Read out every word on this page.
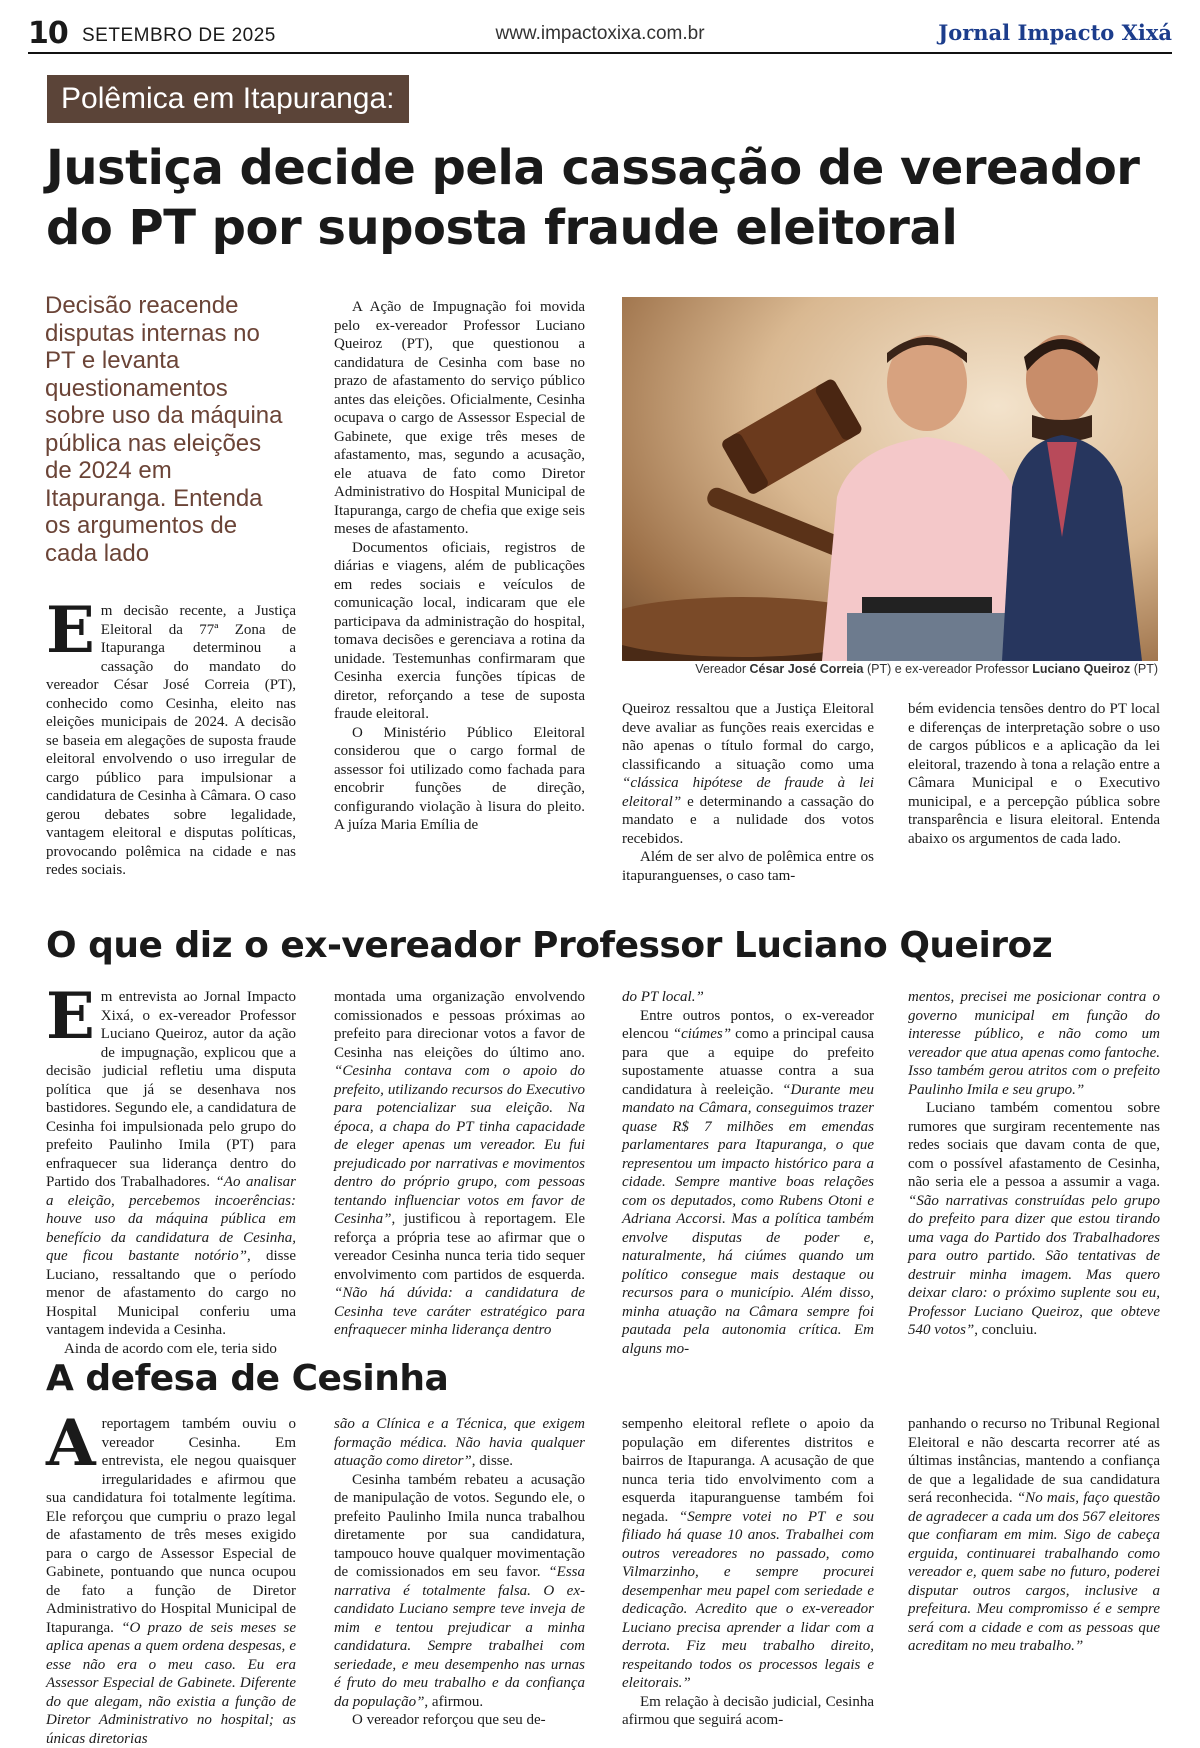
10 SETEMBRO DE 2025	www.impactoxixa.com.br	Jornal Impacto Xixá
Polêmica em Itapuranga:
Justiça decide pela cassação de vereador
do PT por suposta fraude eleitoral
Decisão reacende disputas internas no PT e levanta questionamentos sobre uso da máquina pública nas eleições de 2024 em Itapuranga. Entenda os argumentos de cada lado

Em decisão recente, a Justiça Eleitoral da 77ª Zona de Itapuranga determinou a cassação do mandato do vereador César José Correia (PT), conhecido como Cesinha, eleito nas eleições municipais de 2024. A decisão se baseia em alegações de suposta fraude eleitoral envolvendo o uso irregular de cargo público para impulsionar a candidatura de Cesinha à Câmara. O caso gerou debates sobre legalidade, vantagem eleitoral e disputas políticas, provocando polêmica na cidade e nas redes sociais.

A Ação de Impugnação foi movida pelo ex-vereador Professor Luciano Queiroz (PT), que questionou a candidatura de Cesinha com base no prazo de afastamento do serviço público antes das eleições. Oficialmente, Cesinha ocupava o cargo de Assessor Especial de Gabinete, que exige três meses de afastamento, mas, segundo a acusação, ele atuava de fato como Diretor Administrativo do Hospital Municipal de Itapuranga, cargo de chefia que exige seis meses de afastamento.

Documentos oficiais, registros de diárias e viagens, além de publicações em redes sociais e veículos de comunicação local, indicaram que ele participava da administração do hospital, tomava decisões e gerenciava a rotina da unidade. Testemunhas confirmaram que Cesinha exercia funções típicas de diretor, reforçando a tese de suposta fraude eleitoral.

O Ministério Público Eleitoral considerou que o cargo formal de assessor foi utilizado como fachada para encobrir funções de direção, configurando violação à lisura do pleito. A juíza Maria Emília de

Vereador César José Correia (PT) e ex-vereador Professor Luciano Queiroz (PT)

Queiroz ressaltou que a Justiça Eleitoral deve avaliar as funções reais exercidas e não apenas o título formal do cargo, classificando a situação como uma “clássica hipótese de fraude à lei eleitoral” e determinando a cassação do mandato e a nulidade dos votos recebidos.

Além de ser alvo de polêmica entre os itapuranguenses, o caso tam-

bém evidencia tensões dentro do PT local e diferenças de interpretação sobre o uso de cargos públicos e a aplicação da lei eleitoral, trazendo à tona a relação entre a Câmara Municipal e o Executivo municipal, e a percepção pública sobre transparência e lisura eleitoral. Entenda abaixo os argumentos de cada lado.

O que diz o ex-vereador Professor Luciano Queiroz

Em entrevista ao Jornal Impacto Xixá, o ex-vereador Professor Luciano Queiroz, autor da ação de impugnação, explicou que a decisão judicial refletiu uma disputa política que já se desenhava nos bastidores. Segundo ele, a candidatura de Cesinha foi impulsionada pelo grupo do prefeito Paulinho Imila (PT) para enfraquecer sua liderança dentro do Partido dos Trabalhadores. “Ao analisar a eleição, percebemos incoerências: houve uso da máquina pública em benefício da candidatura de Cesinha, que ficou bastante notório”, disse Luciano, ressaltando que o período menor de afastamento do cargo no Hospital Municipal conferiu uma vantagem indevida a Cesinha.

Ainda de acordo com ele, teria sido

montada uma organização envolvendo comissionados e pessoas próximas ao prefeito para direcionar votos a favor de Cesinha nas eleições do último ano. “Cesinha contava com o apoio do prefeito, utilizando recursos do Executivo para potencializar sua eleição. Na época, a chapa do PT tinha capacidade de eleger apenas um vereador. Eu fui prejudicado por narrativas e movimentos dentro do próprio grupo, com pessoas tentando influenciar votos em favor de Cesinha”, justificou à reportagem. Ele reforça a própria tese ao afirmar que o vereador Cesinha nunca teria tido sequer envolvimento com partidos de esquerda. “Não há dúvida: a candidatura de Cesinha teve caráter estratégico para enfraquecer minha liderança dentro

do PT local.”

Entre outros pontos, o ex-vereador elencou “ciúmes” como a principal causa para que a equipe do prefeito supostamente atuasse contra a sua candidatura à reeleição. “Durante meu mandato na Câmara, conseguimos trazer quase R$ 7 milhões em emendas parlamentares para Itapuranga, o que representou um impacto histórico para a cidade. Sempre mantive boas relações com os deputados, como Rubens Otoni e Adriana Accorsi. Mas a política também envolve disputas de poder e, naturalmente, há ciúmes quando um político consegue mais destaque ou recursos para o município. Além disso, minha atuação na Câmara sempre foi pautada pela autonomia crítica. Em alguns mo-

mentos, precisei me posicionar contra o governo municipal em função do interesse público, e não como um vereador que atua apenas como fantoche. Isso também gerou atritos com o prefeito Paulinho Imila e seu grupo.”

Luciano também comentou sobre rumores que surgiram recentemente nas redes sociais que davam conta de que, com o possível afastamento de Cesinha, não seria ele a pessoa a assumir a vaga. “São narrativas construídas pelo grupo do prefeito para dizer que estou tirando uma vaga do Partido dos Trabalhadores para outro partido. São tentativas de destruir minha imagem. Mas quero deixar claro: o próximo suplente sou eu, Professor Luciano Queiroz, que obteve 540 votos”, concluiu.

A defesa de Cesinha

Areportagem também ouviu o vereador Cesinha. Em entrevista, ele negou quaisquer irregularidades e afirmou que sua candidatura foi totalmente legítima. Ele reforçou que cumpriu o prazo legal de afastamento de três meses exigido para o cargo de Assessor Especial de Gabinete, pontuando que nunca ocupou de fato a função de Diretor Administrativo do Hospital Municipal de Itapuranga. “O prazo de seis meses se aplica apenas a quem ordena despesas, e esse não era o meu caso. Eu era Assessor Especial de Gabinete. Diferente do que alegam, não existia a função de Diretor Administrativo no hospital; as únicas diretorias

são a Clínica e a Técnica, que exigem formação médica. Não havia qualquer atuação como diretor”, disse.

Cesinha também rebateu a acusação de manipulação de votos. Segundo ele, o prefeito Paulinho Imila nunca trabalhou diretamente por sua candidatura, tampouco houve qualquer movimentação de comissionados em seu favor. “Essa narrativa é totalmente falsa. O ex-candidato Luciano sempre teve inveja de mim e tentou prejudicar a minha candidatura. Sempre trabalhei com seriedade, e meu desempenho nas urnas é fruto do meu trabalho e da confiança da população”, afirmou.

O vereador reforçou que seu de-

sempenho eleitoral reflete o apoio da população em diferentes distritos e bairros de Itapuranga. A acusação de que nunca teria tido envolvimento com a esquerda itapuranguense também foi negada. “Sempre votei no PT e sou filiado há quase 10 anos. Trabalhei com outros vereadores no passado, como Vilmarzinho, e sempre procurei desempenhar meu papel com seriedade e dedicação. Acredito que o ex-vereador Luciano precisa aprender a lidar com a derrota. Fiz meu trabalho direito, respeitando todos os processos legais e eleitorais.”

Em relação à decisão judicial, Cesinha afirmou que seguirá acom-

panhando o recurso no Tribunal Regional Eleitoral e não descarta recorrer até as últimas instâncias, mantendo a confiança de que a legalidade de sua candidatura será reconhecida. “No mais, faço questão de agradecer a cada um dos 567 eleitores que confiaram em mim. Sigo de cabeça erguida, continuarei trabalhando como vereador e, quem sabe no futuro, poderei disputar outros cargos, inclusive a prefeitura. Meu compromisso é e sempre será com a cidade e com as pessoas que acreditam no meu trabalho.”
